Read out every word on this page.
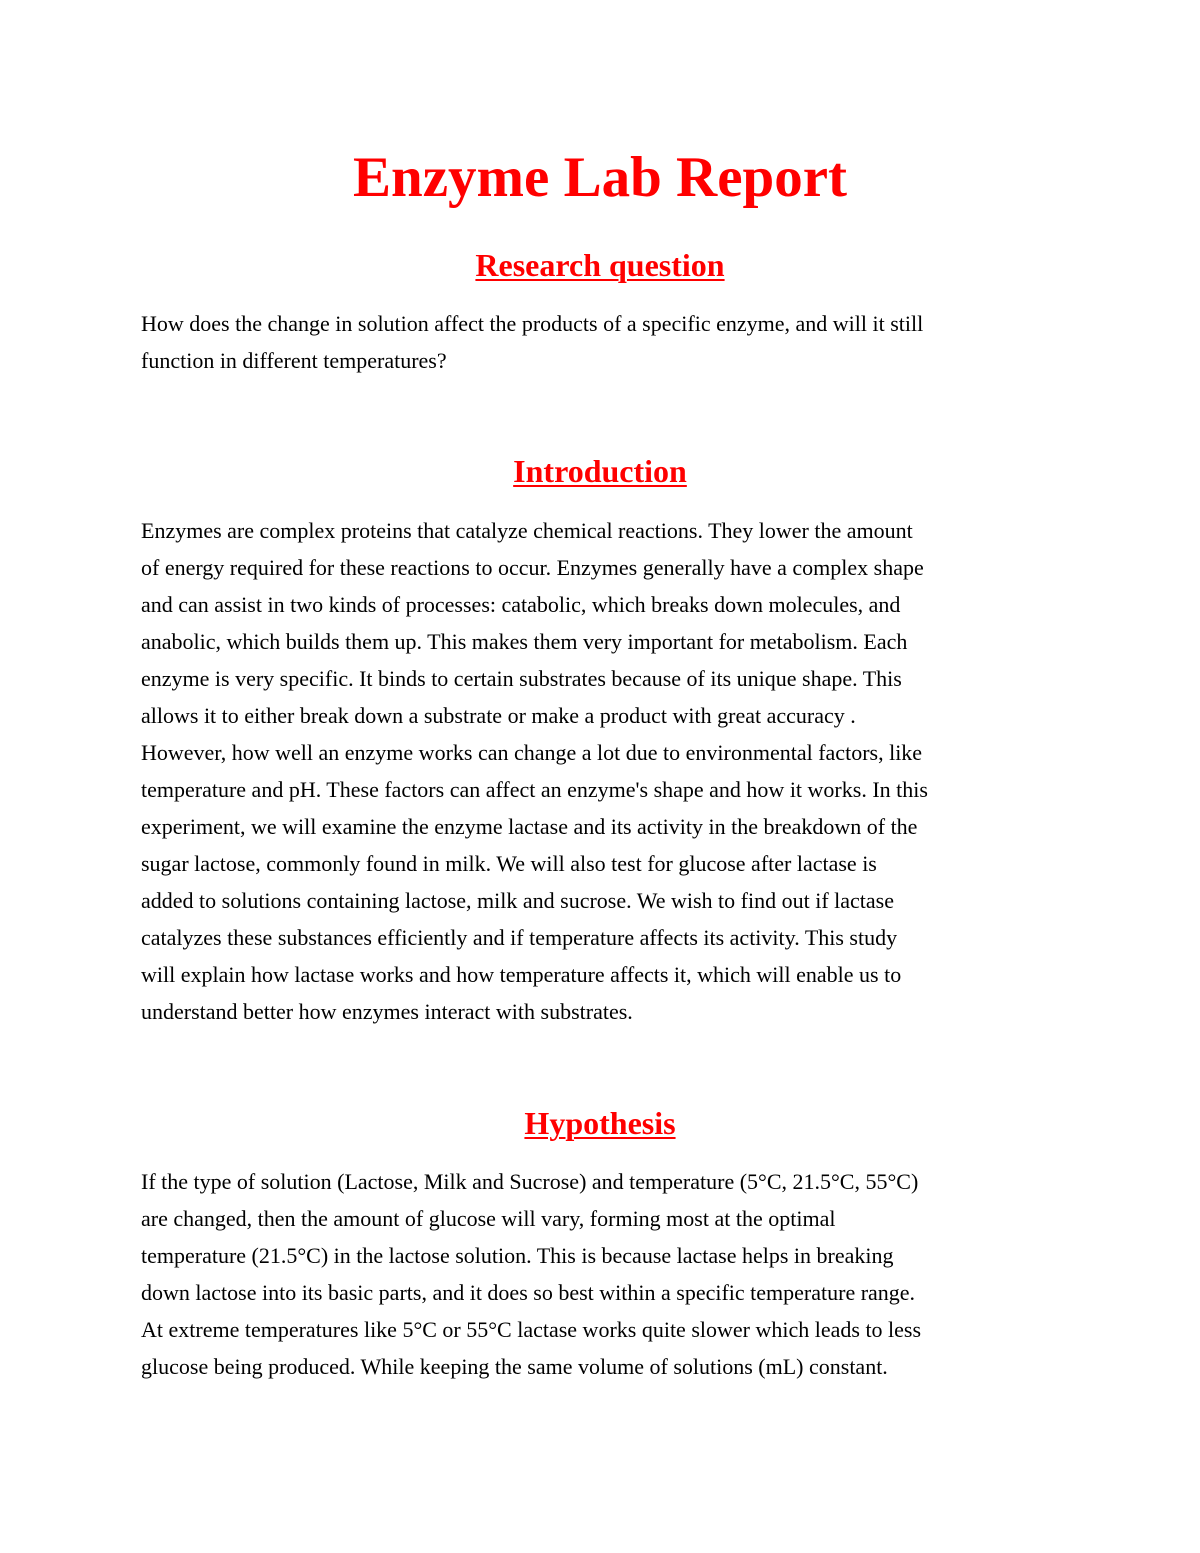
Enzyme Lab Report
Research question

How does the change in solution affect the products of a specific enzyme, and will it still
function in different temperatures?

Introduction

Enzymes are complex proteins that catalyze chemical reactions. They lower the amount
of energy required for these reactions to occur. Enzymes generally have a complex shape
and can assist in two kinds of processes: catabolic, which breaks down molecules, and
anabolic, which builds them up. This makes them very important for metabolism. Each
enzyme is very specific. It binds to certain substrates because of its unique shape. This
allows it to either break down a substrate or make a product with great accuracy .
However, how well an enzyme works can change a lot due to environmental factors, like
temperature and pH. These factors can affect an enzyme's shape and how it works. In this
experiment, we will examine the enzyme lactase and its activity in the breakdown of the
sugar lactose, commonly found in milk. We will also test for glucose after lactase is
added to solutions containing lactose, milk and sucrose. We wish to find out if lactase
catalyzes these substances efficiently and if temperature affects its activity. This study
will explain how lactase works and how temperature affects it, which will enable us to
understand better how enzymes interact with substrates.

Hypothesis

If the type of solution (Lactose, Milk and Sucrose) and temperature (5°C, 21.5°C, 55°C)
are changed, then the amount of glucose will vary, forming most at the optimal
temperature (21.5°C) in the lactose solution. This is because lactase helps in breaking
down lactose into its basic parts, and it does so best within a specific temperature range.
At extreme temperatures like 5°C or 55°C lactase works quite slower which leads to less
glucose being produced. While keeping the same volume of solutions (mL) constant.
